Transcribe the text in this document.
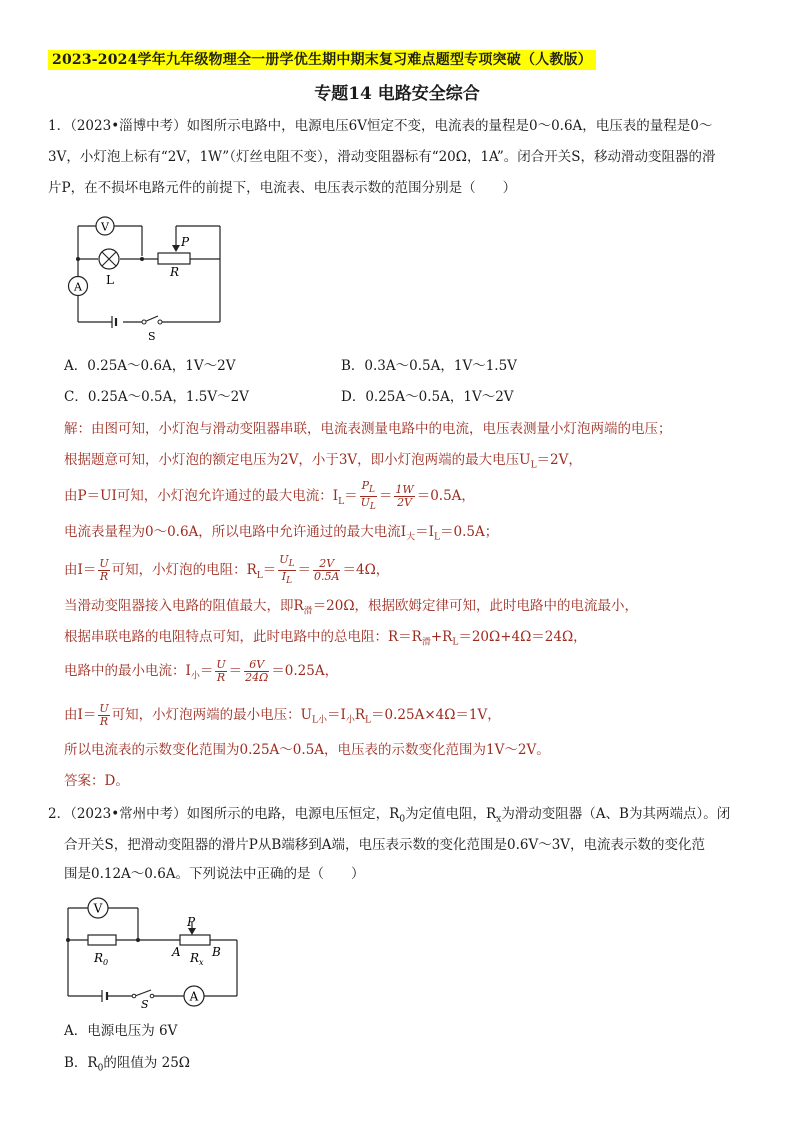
2023-2024学年九年级物理全一册学优生期中期末复习难点题型专项突破（人教版）
专题14 电路安全综合
1．（2023•淄博中考）如图所示电路中，电源电压6V恒定不变，电流表的量程是0～0.6A，电压表的量程是0～
3V，小灯泡上标有“2V，1W”（灯丝电阻不变），滑动变阻器标有“20Ω，1A”。闭合开关S，移动滑动变阻器的滑
片P，在不损坏电路元件的前提下，电流表、电压表示数的范围分别是（　　）
V
L
A
P
R
S
A．0.25A～0.6A，1V～2V	B．0.3A～0.5A，1V～1.5V
C．0.25A～0.5A，1.5V～2V	D．0.25A～0.5A，1V～2V
解：由图可知，小灯泡与滑动变阻器串联，电流表测量电路中的电流，电压表测量小灯泡两端的电压；
根据题意可知，小灯泡的额定电压为2V，小于3V，即小灯泡两端的最大电压$U_L=2V$，
由P＝UI可知，小灯泡允许通过的最大电流：$I_L= \frac{P_L}{U_L} = \frac{1W}{2V} =0.5A$，
电流表量程为0～0.6A，所以电路中允许通过的最大电流$I_大=I_L=0.5A$；
由$I= \frac{U}{R}$ 可知，小灯泡的电阻：$R_L= \frac{U_L}{I_L} = \frac{2V}{0.5A} =4\Omega$，
当滑动变阻器接入电路的阻值最大，即$R_滑=20\Omega$，根据欧姆定律可知，此时电路中的电流最小，
根据串联电路的电阻特点可知，此时电路中的总电阻：$R=R_滑+R_L=20\Omega+4\Omega=24\Omega$，
电路中的最小电流：$I_小= \frac{U}{R} = \frac{6V}{24\Omega} =0.25A$，
由$I= \frac{U}{R}$ 可知，小灯泡两端的最小电压：$U_{L小}=I_小R_L=0.25A\times 4\Omega=1V$，
所以电流表的示数变化范围为0.25A～0.5A，电压表的示数变化范围为1V～2V。
答案：D。
2．（2023•常州中考）如图所示的电路，电源电压恒定，$R_0$为定值电阻，$R_x$为滑动变阻器（A、B为其两端点）。闭
合开关S，把滑动变阻器的滑片P从B端移到A端，电压表示数的变化范围是0.6V～3V，电流表示数的变化范
围是0.12A～0.6A。下列说法中正确的是（　　）
V
A
P
A	B
$R_0$	$R_x$
S
A．电源电压为 6V
B．$R_0$的阻值为 25Ω
